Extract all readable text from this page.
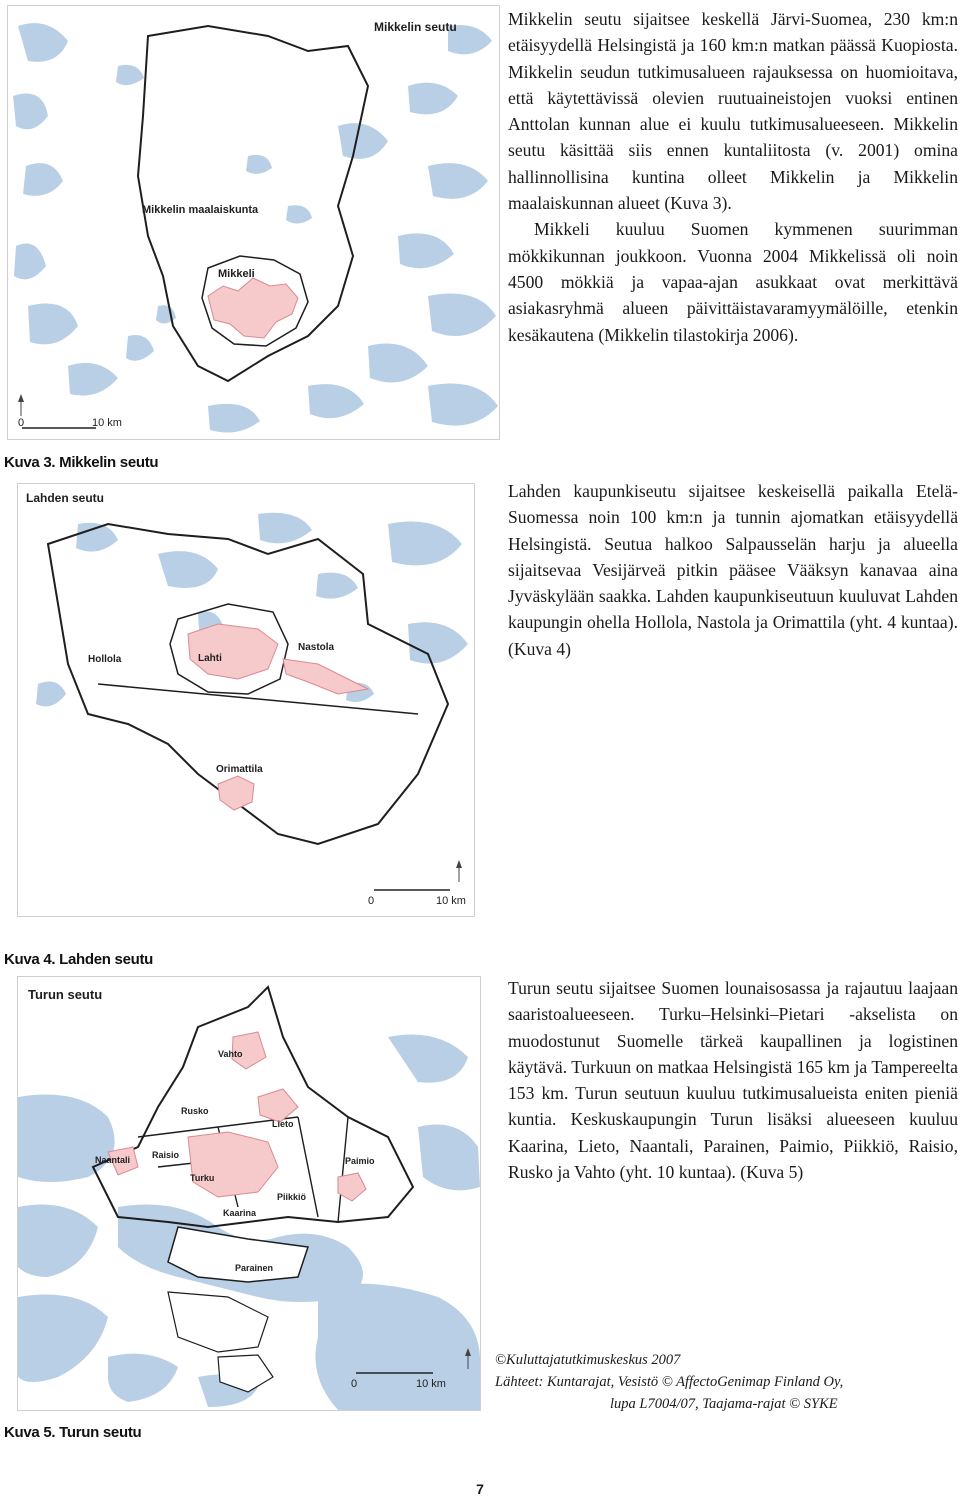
Mikkelin seutu
Mikkelin maalaiskunta
Mikkeli
0	10 km

Mikkelin seutu sijaitsee keskellä Järvi-Suomea, 230 km:n etäisyydellä Helsingistä ja 160 km:n matkan päässä Kuopiosta. Mikkelin seudun tutkimusalueen rajauksessa on huomioitava, että käytettävissä olevien ruutuaineistojen vuoksi entinen Anttolan kunnan alue ei kuulu tutkimusalueeseen. Mikkelin seutu käsittää siis ennen kuntaliitosta (v. 2001) omina hallinnollisina kuntina olleet Mikkelin ja Mikkelin maalaiskunnan alueet (Kuva 3).

Mikkeli kuuluu Suomen kymmenen suurimman mökkikunnan joukkoon. Vuonna 2004 Mikkelissä oli noin 4500 mökkiä ja vapaa-ajan asukkaat ovat merkittävä asiakasryhmä alueen päivittäistavaramyymälöille, etenkin kesäkautena (Mikkelin tilastokirja 2006).

Kuva 3. Mikkelin seutu
Lahden seutu
Hollola	Lahti
Nastola
Orimattila
0	10 km

Lahden kaupunkiseutu sijaitsee keskeisellä paikalla Etelä-Suomessa noin 100 km:n ja tunnin ajomatkan etäisyydellä Helsingistä. Seutua halkoo Salpausselän harju ja alueella sijaitsevaa Vesijärveä pitkin pääsee Vääksyn kanavaa aina Jyväskylään saakka. Lahden kaupunkiseutuun kuuluvat Lahden kaupungin ohella Hollola, Nastola ja Orimattila (yht. 4 kuntaa). (Kuva 4)

Kuva 4. Lahden seutu
Turun seutu
Vahto
Rusko
Lieto
Naantali Raisio
Turku
Paimio
Piikkiö
Kaarina
Parainen
0	10 km

Turun seutu sijaitsee Suomen lounaisosassa ja rajautuu laajaan saaristoalueeseen. Turku–Helsinki–Pietari -akselista on muodostunut Suomelle tärkeä kaupallinen ja logistinen käytävä. Turkuun on matkaa Helsingistä 165 km ja Tampereelta 153 km. Turun seutuun kuuluu tutkimusalueista eniten pieniä kuntia. Keskuskaupungin Turun lisäksi alueeseen kuuluu Kaarina, Lieto, Naantali, Parainen, Paimio, Piikkiö, Raisio, Rusko ja Vahto (yht. 10 kuntaa). (Kuva 5)

©Kuluttajatutkimuskeskus 2007
Lähteet: Kuntarajat, Vesistö © AffectoGenimap Finland Oy,
lupa L7004/07, Taajama-rajat © SYKE
Kuva 5. Turun seutu
7
